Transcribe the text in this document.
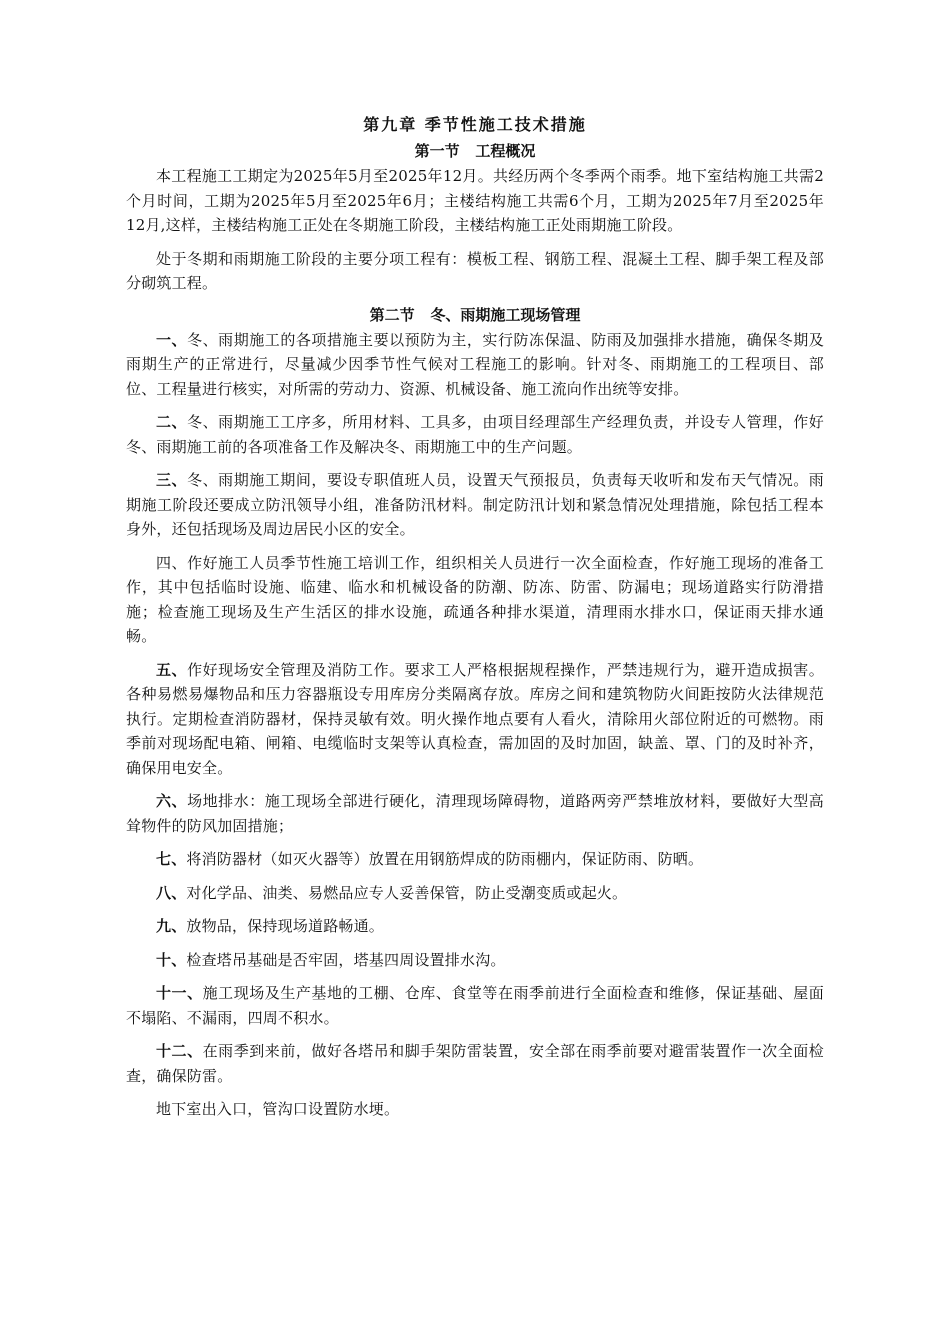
第九章 季节性施工技术措施
第一节   工程概况

本工程施工工期定为2025年5月至2025年12月。共经历两个冬季两个雨季。地下室结构施工共需2个月时间，工期为2025年5月至2025年6月；主楼结构施工共需6个月，工期为2025年7月至2025年12月,这样，主楼结构施工正处在冬期施工阶段，主楼结构施工正处雨期施工阶段。

处于冬期和雨期施工阶段的主要分项工程有：模板工程、钢筋工程、混凝土工程、脚手架工程及部分砌筑工程。

第二节   冬、雨期施工现场管理

一、冬、雨期施工的各项措施主要以预防为主，实行防冻保温、防雨及加强排水措施，确保冬期及雨期生产的正常进行，尽量减少因季节性气候对工程施工的影响。针对冬、雨期施工的工程项目、部位、工程量进行核实，对所需的劳动力、资源、机械设备、施工流向作出统等安排。

二、冬、雨期施工工序多，所用材料、工具多，由项目经理部生产经理负责，并设专人管理，作好冬、雨期施工前的各项准备工作及解决冬、雨期施工中的生产问题。

三、冬、雨期施工期间，要设专职值班人员，设置天气预报员，负责每天收听和发布天气情况。雨期施工阶段还要成立防汛领导小组，准备防汛材料。制定防汛计划和紧急情况处理措施，除包括工程本身外，还包括现场及周边居民小区的安全。

四、作好施工人员季节性施工培训工作，组织相关人员进行一次全面检查，作好施工现场的准备工作，其中包括临时设施、临建、临水和机械设备的防潮、防冻、防雷、防漏电；现场道路实行防滑措施；检查施工现场及生产生活区的排水设施，疏通各种排水渠道，清理雨水排水口，保证雨天排水通畅。

五、作好现场安全管理及消防工作。要求工人严格根据规程操作，严禁违规行为，避开造成损害。各种易燃易爆物品和压力容器瓶设专用库房分类隔离存放。库房之间和建筑物防火间距按防火法律规范执行。定期检查消防器材，保持灵敏有效。明火操作地点要有人看火，清除用火部位附近的可燃物。雨季前对现场配电箱、闸箱、电缆临时支架等认真检查，需加固的及时加固，缺盖、罩、门的及时补齐，确保用电安全。

六、场地排水：施工现场全部进行硬化，清理现场障碍物，道路两旁严禁堆放材料，要做好大型高耸物件的防风加固措施；

七、将消防器材（如灭火器等）放置在用钢筋焊成的防雨棚内，保证防雨、防晒。

八、对化学品、油类、易燃品应专人妥善保管，防止受潮变质或起火。

九、放物品，保持现场道路畅通。

十、检查塔吊基础是否牢固，塔基四周设置排水沟。

十一、施工现场及生产基地的工棚、仓库、食堂等在雨季前进行全面检查和维修，保证基础、屋面不塌陷、不漏雨，四周不积水。

十二、在雨季到来前，做好各塔吊和脚手架防雷装置，安全部在雨季前要对避雷装置作一次全面检查，确保防雷。

地下室出入口，管沟口设置防水埂。
